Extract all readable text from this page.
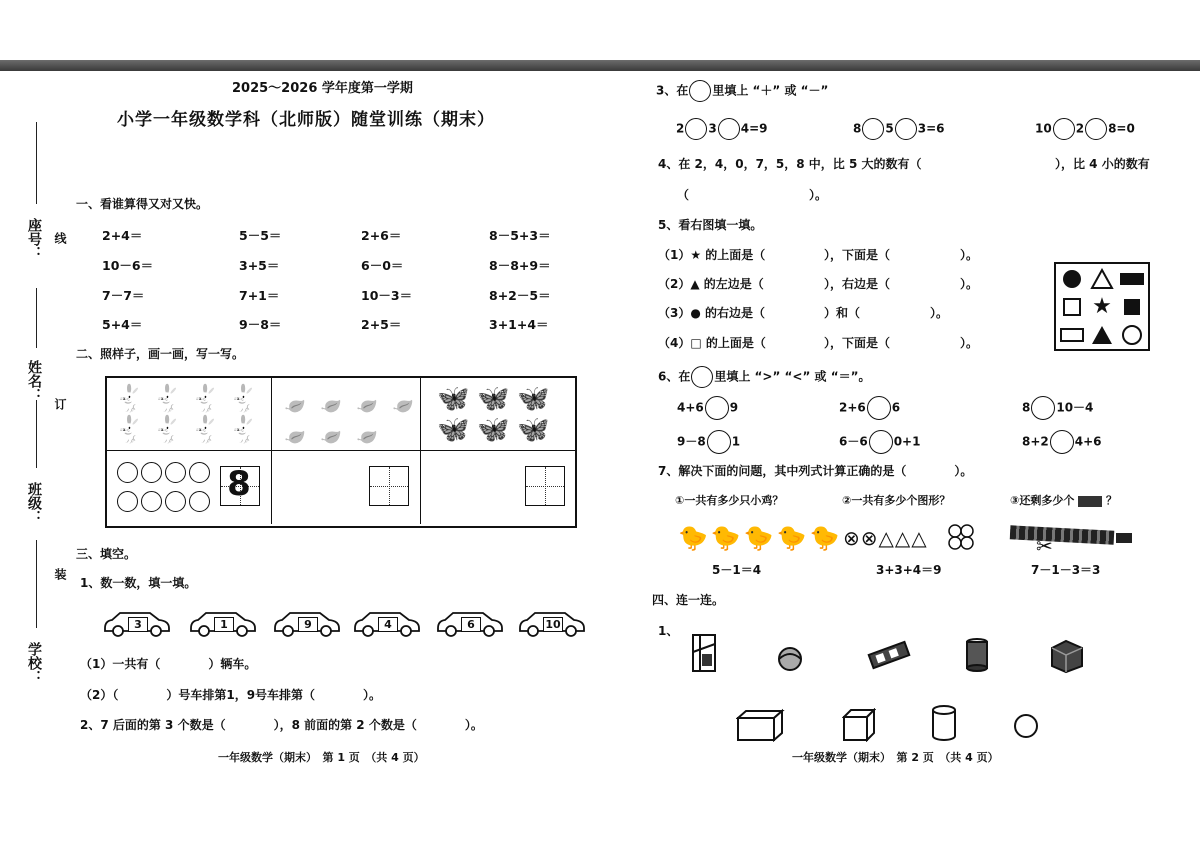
座号：
姓名：
班级：
学校：
线
订
装
2025～2026 学年度第一学期
小学一年级数学科（北师版）随堂训练（期末）
一、看谁算得又对又快。
2+4＝	5－5＝	2+6＝	8－5+3＝
10－6＝	3+5＝	6－0＝	8－8+9＝
7－7＝	7+1＝	10－3＝	8+2－5＝
5+4＝	9－8＝	2+5＝	3+1+4＝
二、照样子，画一画，写一写。
🐇 🐇 🐇 🐇
🐇 🐇 🐇 🐇
🍃 🍃 🍃 🍃
🍃 🍃 🍃
🦋 🦋 🦋
🦋 🦋 🦋
8
三、填空。
1、数一数，填一填。
3	1	9	4	6	10
（1）一共有（　　　　）辆车。
（2）（　　　　）号车排第1，9号车排第（　　　　）。
2、7 后面的第 3 个数是（　　　　），8 前面的第 2 个数是（　　　　）。
一年级数学（期末）　第 1 页　（共 4 页）
3、在 里填上 “＋” 或 “－”
2 3 4=9	8 5 3=6	10 2 8=0
4、在 2，4，0，7，5，8 中，比 5 大的数有（	），比 4 小的数有
（　　　　　　　　　　）。
5、看右图填一填。
（1）★ 的上面是（	），下面是（	）。
（2）▲ 的左边是（	），右边是（	）。
（3）● 的右边是（	）和（	）。
（4）□ 的上面是（	），下面是（	）。
★
6、在 里填上 “>” “<” 或 “＝”。
4+6 9	2+6 6	8 10－4
9－8 1	6－6 0+1	8+2 4+6
7、解决下面的问题，其中列式计算正确的是（　　　　）。
①一共有多少只小鸡？	②一共有多少个图形？	③还剩多少个	？
🐤🐤🐤🐤🐤 ⊗⊗△△△	✂
5－1＝4	3+3+4＝9	7－1－3＝3
四、连一连。
1、
一年级数学（期末）　第 2 页　（共 4 页）
